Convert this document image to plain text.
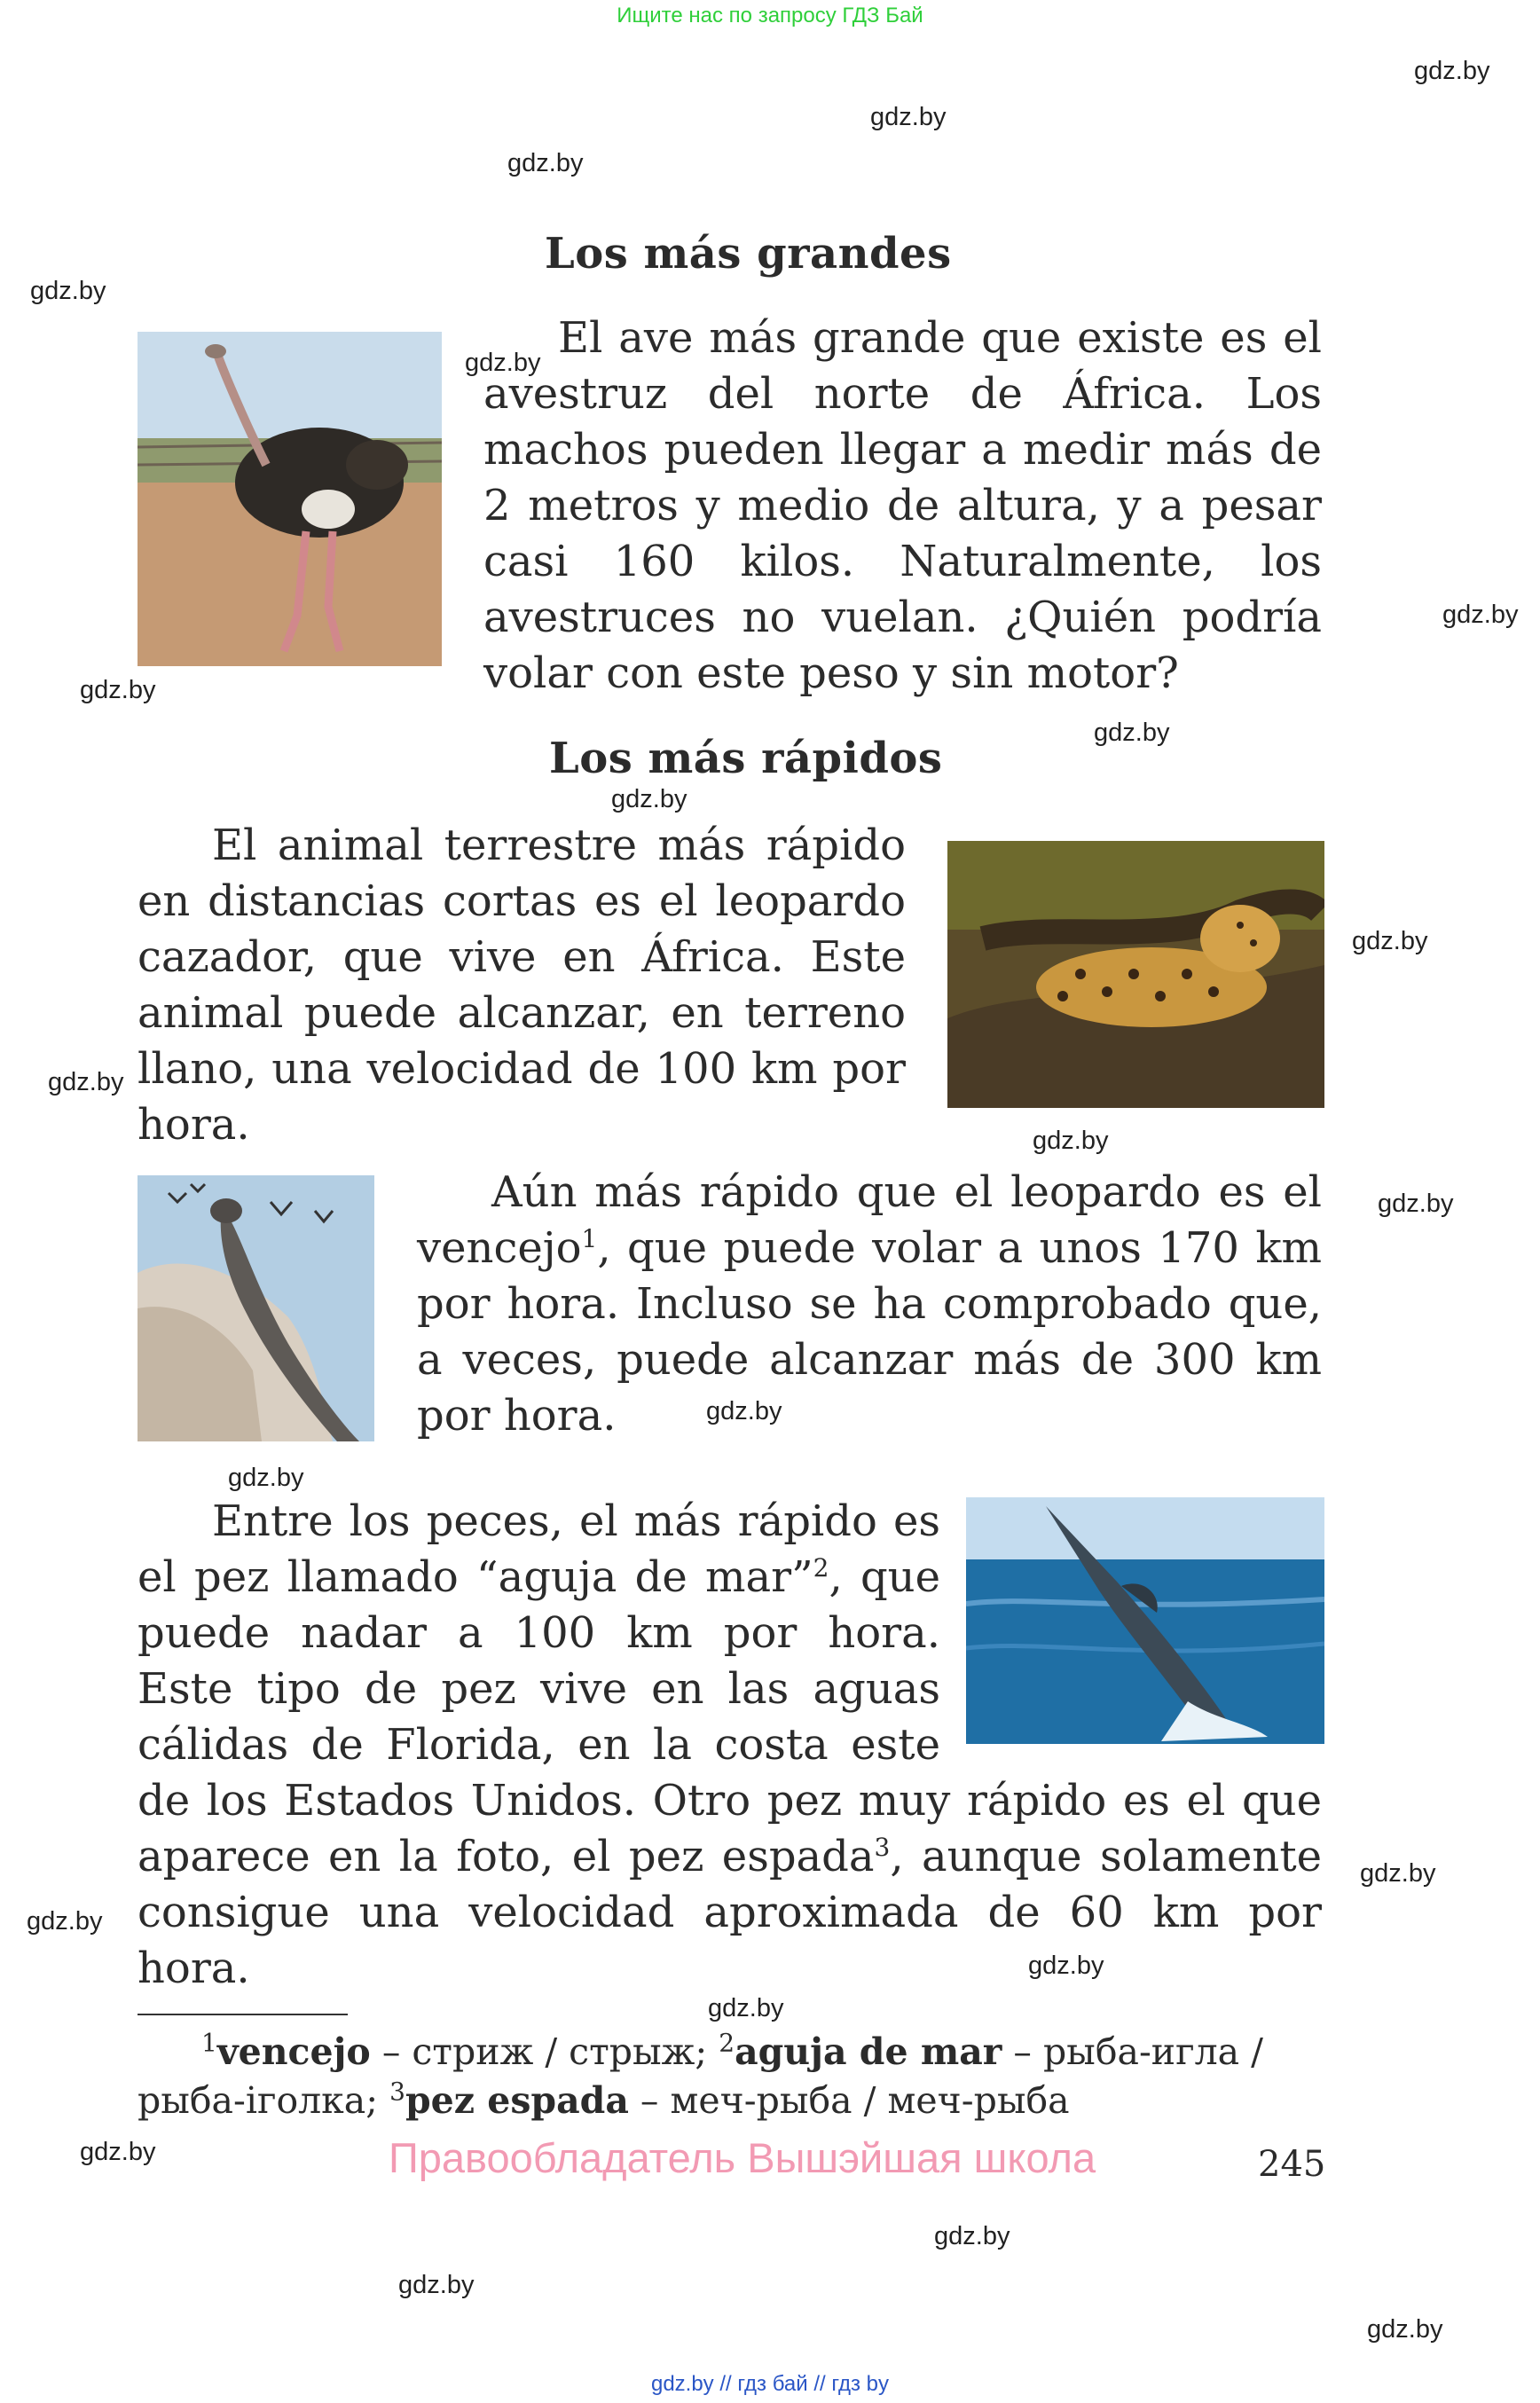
Ищите нас по запросу ГДЗ Бай
gdz.by
gdz.by
gdz.by
gdz.by
gdz.by
gdz.by
gdz.by
gdz.by
gdz.by
gdz.by
gdz.by
gdz.by
gdz.by
gdz.by
gdz.by
gdz.by
gdz.by
gdz.by
gdz.by
gdz.by
gdz.by
gdz.by
gdz.by
Los más grandes

El ave más grande que existe es el avestruz del norte de África. Los machos pueden llegar a medir más de 2 metros y medio de altura, y a pesar casi 160 kilos. Naturalmente, los avestruces no vuelan. ¿Quién podría volar con este peso y sin motor?

Los más rápidos

El animal terrestre más rápido en distancias cortas es el leopardo cazador, que vive en África. Este animal puede alcanzar, en terreno llano, una velocidad de 100 km por hora.

Aún más rápido que el leopardo es el vencejo$^1$, que puede volar a unos 170 km por hora. Incluso se ha comprobado que, a veces, puede alcanzar más de 300 km por hora.

Entre los peces, el más rápido es el pez llamado “aguja de mar”$^2$, que puede nadar a 100 km por hora. Este tipo de pez vive en las aguas cálidas de Florida, en la costa este de los Estados Unidos. Otro pez muy rápido es el que aparece en la foto, el pez espada$^3$, aunque solamente consigue una velocidad aproximada de 60 km por hora.

$^1$vencejo – стриж / стрыж; $^2$aguja de mar – рыба-игла / рыба-іголка; $^3$pez espada – меч-рыба / меч-рыба

Правообладатель Вышэйшая школа	245
gdz.by // гдз бай // гдз by
